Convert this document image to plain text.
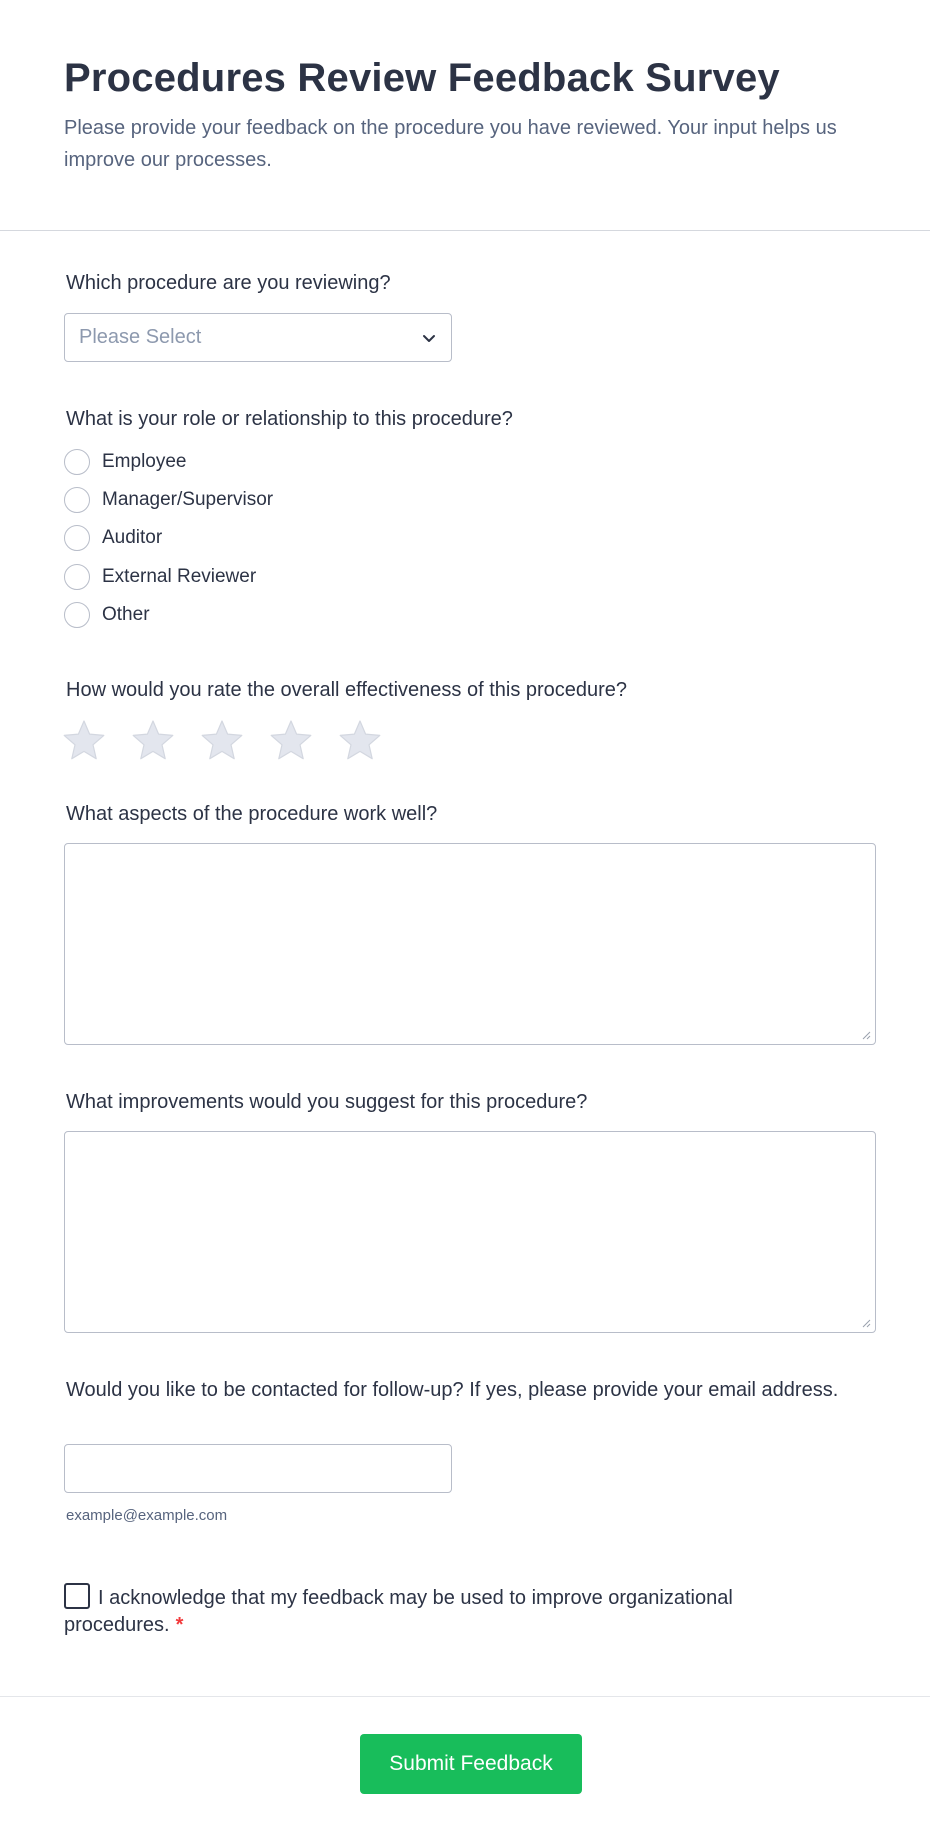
Procedures Review Feedback Survey

Please provide your feedback on the procedure you have reviewed. Your input helps us improve our processes.

Which procedure are you reviewing?
Please Select
What is your role or relationship to this procedure?
Employee
Manager/Supervisor
Auditor
External Reviewer
Other
How would you rate the overall effectiveness of this procedure?
What aspects of the procedure work well?
What improvements would you suggest for this procedure?
Would you like to be contacted for follow-up? If yes, please provide your email address.
example@example.com
I acknowledge that my feedback may be used to improve organizational procedures. *
Submit Feedback
